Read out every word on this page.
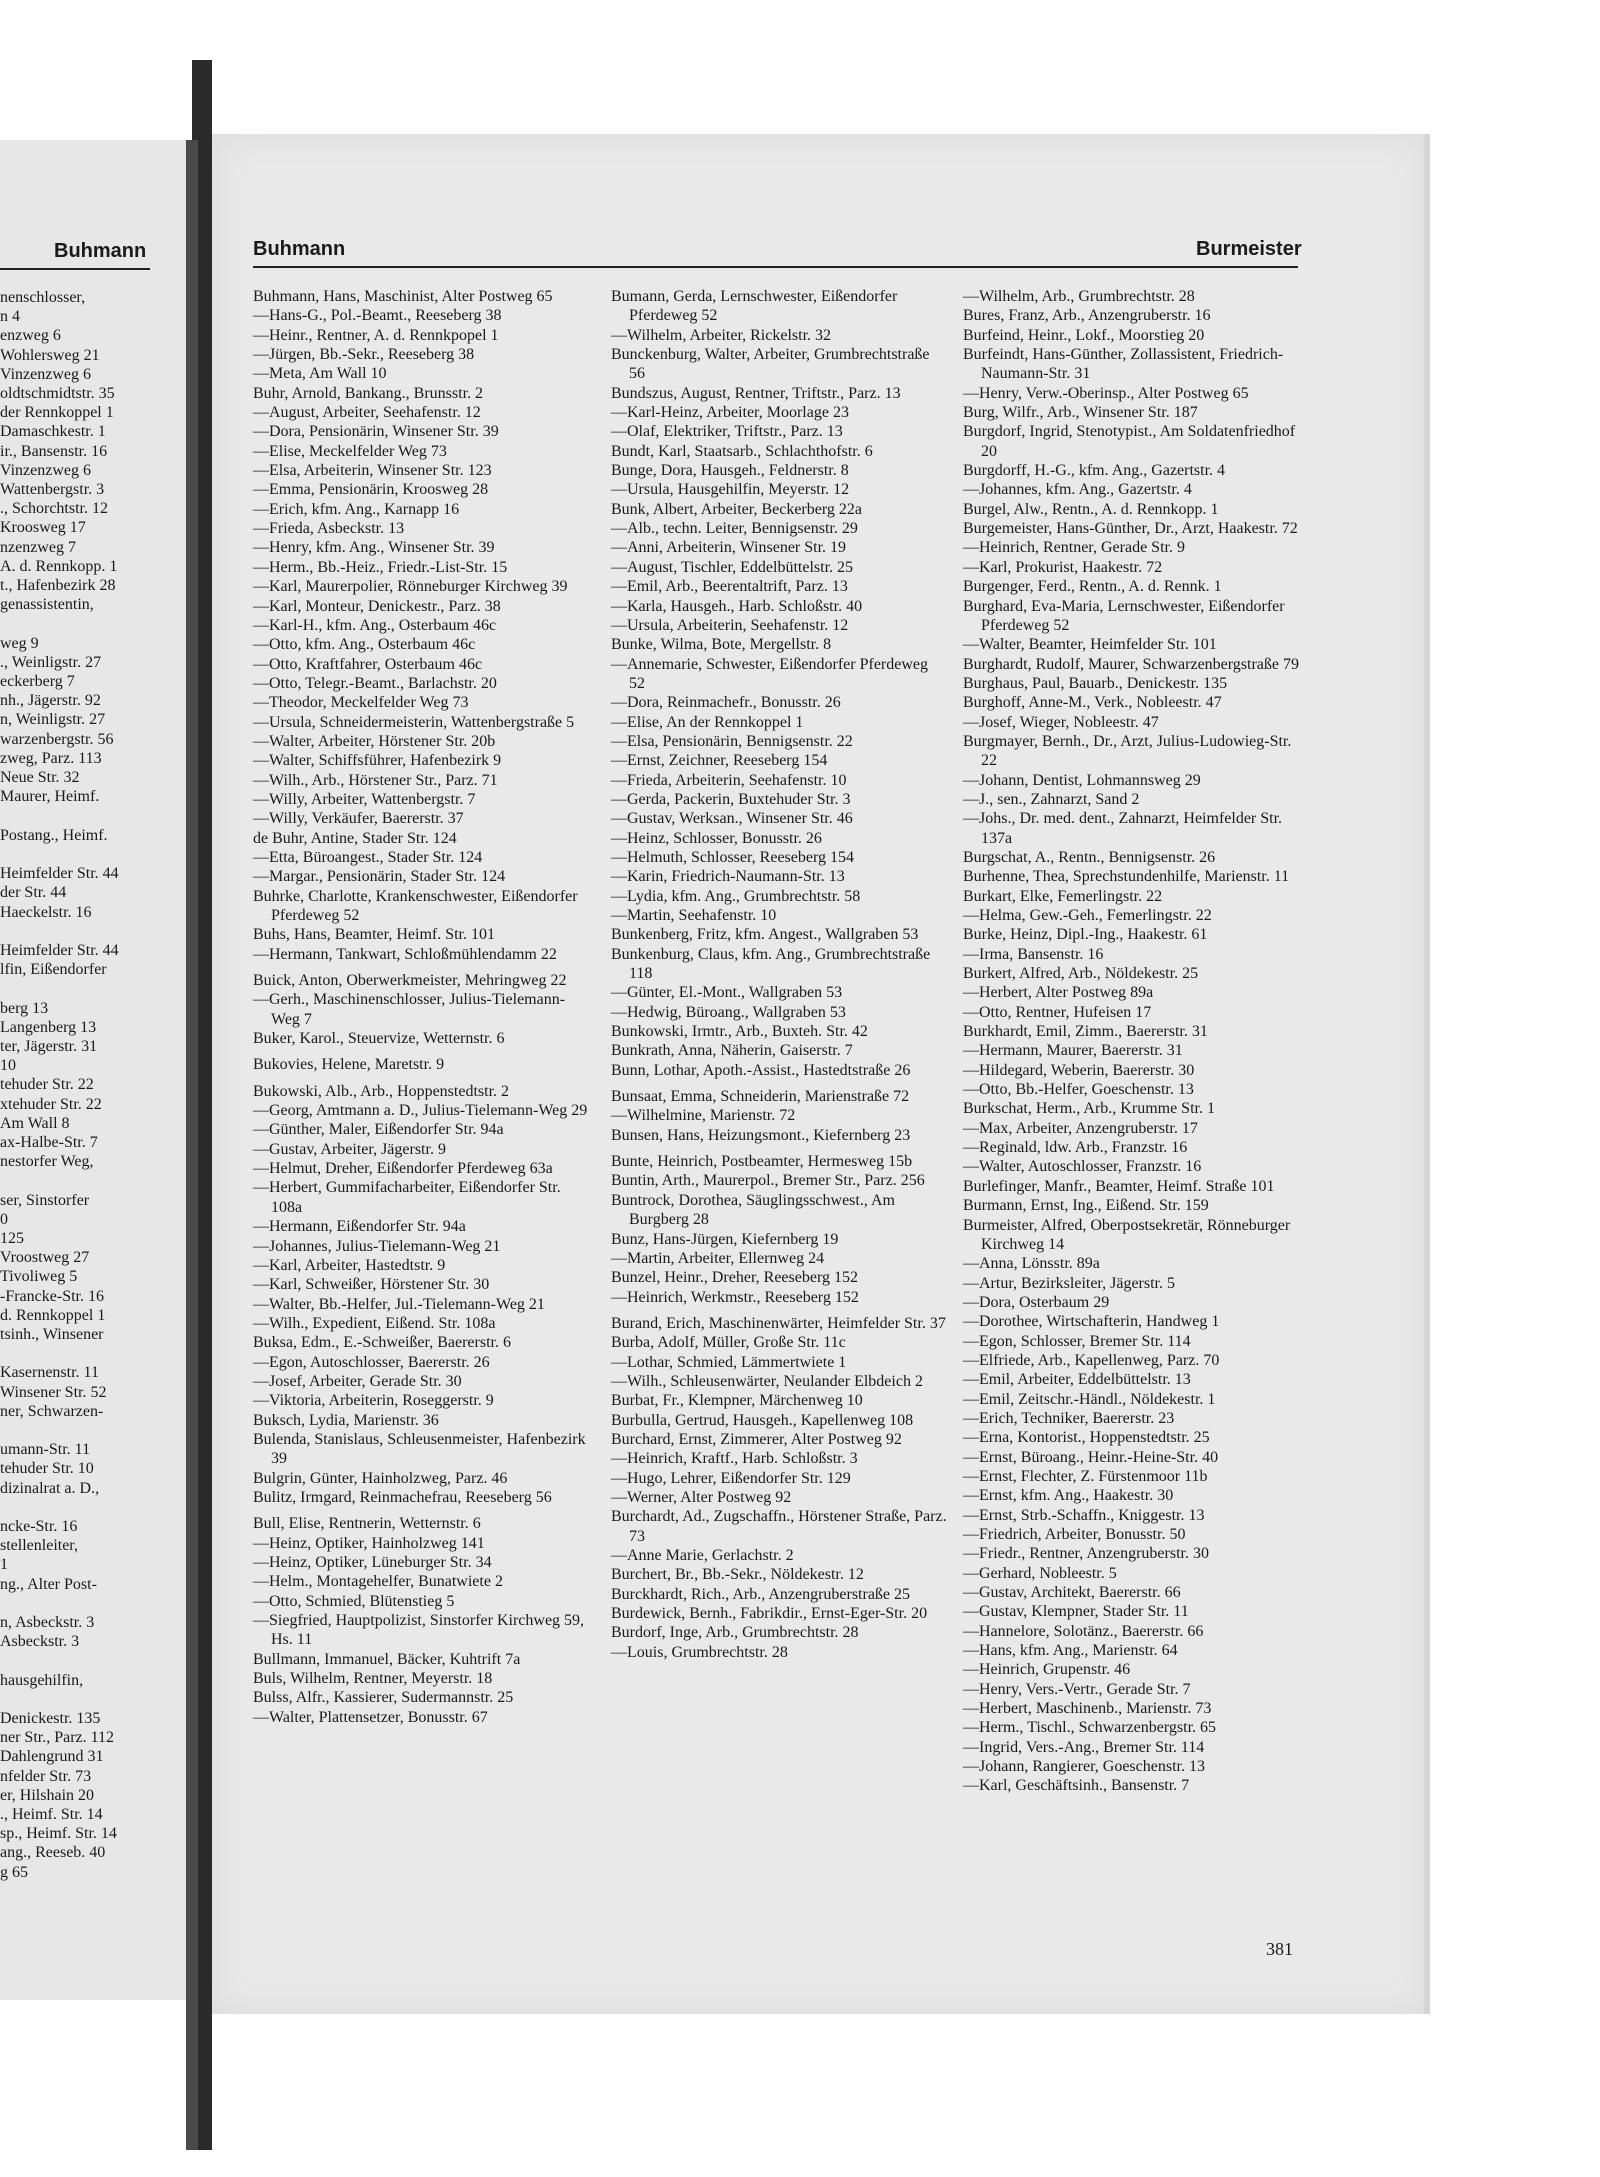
Buhmann
nenschlosser,
n 4
enzweg 6
Wohlersweg 21
Vinzenzweg 6
oldtschmidtstr. 35
der Rennkoppel 1
Damaschkestr. 1
ir., Bansenstr. 16
Vinzenzweg 6
Wattenbergstr. 3
., Schorchtstr. 12
Kroosweg 17
nzenzweg 7
A. d. Rennkopp. 1
t., Hafenbezirk 28
genassistentin,

weg 9
., Weinligstr. 27
eckerberg 7
nh., Jägerstr. 92
n, Weinligstr. 27
warzenbergstr. 56
zweg, Parz. 113
Neue Str. 32
Maurer, Heimf.

Postang., Heimf.

Heimfelder Str. 44
der Str. 44
Haeckelstr. 16

Heimfelder Str. 44
lfin, Eißendorfer

berg 13
Langenberg 13
ter, Jägerstr. 31
10
tehuder Str. 22
xtehuder Str. 22
Am Wall 8
ax-Halbe-Str. 7
nestorfer Weg,

ser, Sinstorfer
0
125
Vroostweg 27
Tivoliweg 5
-Francke-Str. 16
d. Rennkoppel 1
tsinh., Winsener

Kasernenstr. 11
Winsener Str. 52
ner, Schwarzen-

umann-Str. 11
tehuder Str. 10
dizinalrat a. D.,

ncke-Str. 16
stellenleiter,
1
ng., Alter Post-

n, Asbeckstr. 3
Asbeckstr. 3

hausgehilfin,

Denickestr. 135
ner Str., Parz. 112
Dahlengrund 31
nfelder Str. 73
er, Hilshain 20
., Heimf. Str. 14
sp., Heimf. Str. 14
ang., Reeseb. 40
g 65
Buhmann	Burmeister
Buhmann, Hans, Maschinist, Alter Postweg 65
—Hans-G., Pol.-Beamt., Reeseberg 38
—Heinr., Rentner, A. d. Rennkpopel 1
—Jürgen, Bb.-Sekr., Reeseberg 38
—Meta, Am Wall 10
Buhr, Arnold, Bankang., Brunsstr. 2
—August, Arbeiter, Seehafenstr. 12
—Dora, Pensionärin, Winsener Str. 39
—Elise, Meckelfelder Weg 73
—Elsa, Arbeiterin, Winsener Str. 123
—Emma, Pensionärin, Kroosweg 28
—Erich, kfm. Ang., Karnapp 16
—Frieda, Asbeckstr. 13
—Henry, kfm. Ang., Winsener Str. 39
—Herm., Bb.-Heiz., Friedr.-List-Str. 15
—Karl, Maurerpolier, Rönneburger Kirchweg 39
—Karl, Monteur, Denickestr., Parz. 38
—Karl-H., kfm. Ang., Osterbaum 46c
—Otto, kfm. Ang., Osterbaum 46c
—Otto, Kraftfahrer, Osterbaum 46c
—Otto, Telegr.-Beamt., Barlachstr. 20
—Theodor, Meckelfelder Weg 73
—Ursula, Schneidermeisterin, Wattenbergstraße 5
—Walter, Arbeiter, Hörstener Str. 20b
—Walter, Schiffsführer, Hafenbezirk 9
—Wilh., Arb., Hörstener Str., Parz. 71
—Willy, Arbeiter, Wattenbergstr. 7
—Willy, Verkäufer, Baererstr. 37
de Buhr, Antine, Stader Str. 124
—Etta, Büroangest., Stader Str. 124
—Margar., Pensionärin, Stader Str. 124
Buhrke, Charlotte, Krankenschwester, Eißendorfer Pferdeweg 52
Buhs, Hans, Beamter, Heimf. Str. 101
—Hermann, Tankwart, Schloßmühlendamm 22
Buick, Anton, Oberwerkmeister, Mehringweg 22
—Gerh., Maschinenschlosser, Julius-Tielemann-Weg 7
Buker, Karol., Steuervize, Wetternstr. 6
Bukovies, Helene, Maretstr. 9
Bukowski, Alb., Arb., Hoppenstedtstr. 2
—Georg, Amtmann a. D., Julius-Tielemann-Weg 29
—Günther, Maler, Eißendorfer Str. 94a
—Gustav, Arbeiter, Jägerstr. 9
—Helmut, Dreher, Eißendorfer Pferdeweg 63a
—Herbert, Gummifacharbeiter, Eißendorfer Str. 108a
—Hermann, Eißendorfer Str. 94a
—Johannes, Julius-Tielemann-Weg 21
—Karl, Arbeiter, Hastedtstr. 9
—Karl, Schweißer, Hörstener Str. 30
—Walter, Bb.-Helfer, Jul.-Tielemann-Weg 21
—Wilh., Expedient, Eißend. Str. 108a
Buksa, Edm., E.-Schweißer, Baererstr. 6
—Egon, Autoschlosser, Baererstr. 26
—Josef, Arbeiter, Gerade Str. 30
—Viktoria, Arbeiterin, Roseggerstr. 9
Buksch, Lydia, Marienstr. 36
Bulenda, Stanislaus, Schleusenmeister, Hafenbezirk 39
Bulgrin, Günter, Hainholzweg, Parz. 46
Bulitz, Irmgard, Reinmachefrau, Reeseberg 56
Bull, Elise, Rentnerin, Wetternstr. 6
—Heinz, Optiker, Hainholzweg 141
—Heinz, Optiker, Lüneburger Str. 34
—Helm., Montagehelfer, Bunatwiete 2
—Otto, Schmied, Blütenstieg 5
—Siegfried, Hauptpolizist, Sinstorfer Kirchweg 59, Hs. 11
Bullmann, Immanuel, Bäcker, Kuhtrift 7a
Buls, Wilhelm, Rentner, Meyerstr. 18
Bulss, Alfr., Kassierer, Sudermannstr. 25
—Walter, Plattensetzer, Bonusstr. 67
Bumann, Gerda, Lernschwester, Eißendorfer Pferdeweg 52
—Wilhelm, Arbeiter, Rickelstr. 32
Bunckenburg, Walter, Arbeiter, Grumbrechtstraße 56
Bundszus, August, Rentner, Triftstr., Parz. 13
—Karl-Heinz, Arbeiter, Moorlage 23
—Olaf, Elektriker, Triftstr., Parz. 13
Bundt, Karl, Staatsarb., Schlachthofstr. 6
Bunge, Dora, Hausgeh., Feldnerstr. 8
—Ursula, Hausgehilfin, Meyerstr. 12
Bunk, Albert, Arbeiter, Beckerberg 22a
—Alb., techn. Leiter, Bennigsenstr. 29
—Anni, Arbeiterin, Winsener Str. 19
—August, Tischler, Eddelbüttelstr. 25
—Emil, Arb., Beerentaltrift, Parz. 13
—Karla, Hausgeh., Harb. Schloßstr. 40
—Ursula, Arbeiterin, Seehafenstr. 12
Bunke, Wilma, Bote, Mergellstr. 8
—Annemarie, Schwester, Eißendorfer Pferdeweg 52
—Dora, Reinmachefr., Bonusstr. 26
—Elise, An der Rennkoppel 1
—Elsa, Pensionärin, Bennigsenstr. 22
—Ernst, Zeichner, Reeseberg 154
—Frieda, Arbeiterin, Seehafenstr. 10
—Gerda, Packerin, Buxtehuder Str. 3
—Gustav, Werksan., Winsener Str. 46
—Heinz, Schlosser, Bonusstr. 26
—Helmuth, Schlosser, Reeseberg 154
—Karin, Friedrich-Naumann-Str. 13
—Lydia, kfm. Ang., Grumbrechtstr. 58
—Martin, Seehafenstr. 10
Bunkenberg, Fritz, kfm. Angest., Wallgraben 53
Bunkenburg, Claus, kfm. Ang., Grumbrechtstraße 118
—Günter, El.-Mont., Wallgraben 53
—Hedwig, Büroang., Wallgraben 53
Bunkowski, Irmtr., Arb., Buxteh. Str. 42
Bunkrath, Anna, Näherin, Gaiserstr. 7
Bunn, Lothar, Apoth.-Assist., Hastedtstraße 26
Bunsaat, Emma, Schneiderin, Marienstraße 72
—Wilhelmine, Marienstr. 72
Bunsen, Hans, Heizungsmont., Kiefernberg 23
Bunte, Heinrich, Postbeamter, Hermesweg 15b
Buntin, Arth., Maurerpol., Bremer Str., Parz. 256
Buntrock, Dorothea, Säuglingsschwest., Am Burgberg 28
Bunz, Hans-Jürgen, Kiefernberg 19
—Martin, Arbeiter, Ellernweg 24
Bunzel, Heinr., Dreher, Reeseberg 152
—Heinrich, Werkmstr., Reeseberg 152
Burand, Erich, Maschinenwärter, Heimfelder Str. 37
Burba, Adolf, Müller, Große Str. 11c
—Lothar, Schmied, Lämmertwiete 1
—Wilh., Schleusenwärter, Neulander Elbdeich 2
Burbat, Fr., Klempner, Märchenweg 10
Burbulla, Gertrud, Hausgeh., Kapellenweg 108
Burchard, Ernst, Zimmerer, Alter Postweg 92
—Heinrich, Kraftf., Harb. Schloßstr. 3
—Hugo, Lehrer, Eißendorfer Str. 129
—Werner, Alter Postweg 92
Burchardt, Ad., Zugschaffn., Hörstener Straße, Parz. 73
—Anne Marie, Gerlachstr. 2
Burchert, Br., Bb.-Sekr., Nöldekestr. 12
Burckhardt, Rich., Arb., Anzengruberstraße 25
Burdewick, Bernh., Fabrikdir., Ernst-Eger-Str. 20
Burdorf, Inge, Arb., Grumbrechtstr. 28
—Louis, Grumbrechtstr. 28
—Wilhelm, Arb., Grumbrechtstr. 28
Bures, Franz, Arb., Anzengruberstr. 16
Burfeind, Heinr., Lokf., Moorstieg 20
Burfeindt, Hans-Günther, Zollassistent, Friedrich-Naumann-Str. 31
—Henry, Verw.-Oberinsp., Alter Postweg 65
Burg, Wilfr., Arb., Winsener Str. 187
Burgdorf, Ingrid, Stenotypist., Am Soldatenfriedhof 20
Burgdorff, H.-G., kfm. Ang., Gazertstr. 4
—Johannes, kfm. Ang., Gazertstr. 4
Burgel, Alw., Rentn., A. d. Rennkopp. 1
Burgemeister, Hans-Günther, Dr., Arzt, Haakestr. 72
—Heinrich, Rentner, Gerade Str. 9
—Karl, Prokurist, Haakestr. 72
Burgenger, Ferd., Rentn., A. d. Rennk. 1
Burghard, Eva-Maria, Lernschwester, Eißendorfer Pferdeweg 52
—Walter, Beamter, Heimfelder Str. 101
Burghardt, Rudolf, Maurer, Schwarzenbergstraße 79
Burghaus, Paul, Bauarb., Denickestr. 135
Burghoff, Anne-M., Verk., Nobleestr. 47
—Josef, Wieger, Nobleestr. 47
Burgmayer, Bernh., Dr., Arzt, Julius-Ludowieg-Str. 22
—Johann, Dentist, Lohmannsweg 29
—J., sen., Zahnarzt, Sand 2
—Johs., Dr. med. dent., Zahnarzt, Heimfelder Str. 137a
Burgschat, A., Rentn., Bennigsenstr. 26
Burhenne, Thea, Sprechstundenhilfe, Marienstr. 11
Burkart, Elke, Femerlingstr. 22
—Helma, Gew.-Geh., Femerlingstr. 22
Burke, Heinz, Dipl.-Ing., Haakestr. 61
—Irma, Bansenstr. 16
Burkert, Alfred, Arb., Nöldekestr. 25
—Herbert, Alter Postweg 89a
—Otto, Rentner, Hufeisen 17
Burkhardt, Emil, Zimm., Baererstr. 31
—Hermann, Maurer, Baererstr. 31
—Hildegard, Weberin, Baererstr. 30
—Otto, Bb.-Helfer, Goeschenstr. 13
Burkschat, Herm., Arb., Krumme Str. 1
—Max, Arbeiter, Anzengruberstr. 17
—Reginald, ldw. Arb., Franzstr. 16
—Walter, Autoschlosser, Franzstr. 16
Burlefinger, Manfr., Beamter, Heimf. Straße 101
Burmann, Ernst, Ing., Eißend. Str. 159
Burmeister, Alfred, Oberpostsekretär, Rönneburger Kirchweg 14
—Anna, Lönsstr. 89a
—Artur, Bezirksleiter, Jägerstr. 5
—Dora, Osterbaum 29
—Dorothee, Wirtschafterin, Handweg 1
—Egon, Schlosser, Bremer Str. 114
—Elfriede, Arb., Kapellenweg, Parz. 70
—Emil, Arbeiter, Eddelbüttelstr. 13
—Emil, Zeitschr.-Händl., Nöldekestr. 1
—Erich, Techniker, Baererstr. 23
—Erna, Kontorist., Hoppenstedtstr. 25
—Ernst, Büroang., Heinr.-Heine-Str. 40
—Ernst, Flechter, Z. Fürstenmoor 11b
—Ernst, kfm. Ang., Haakestr. 30
—Ernst, Strb.-Schaffn., Kniggestr. 13
—Friedrich, Arbeiter, Bonusstr. 50
—Friedr., Rentner, Anzengruberstr. 30
—Gerhard, Nobleestr. 5
—Gustav, Architekt, Baererstr. 66
—Gustav, Klempner, Stader Str. 11
—Hannelore, Solotänz., Baererstr. 66
—Hans, kfm. Ang., Marienstr. 64
—Heinrich, Grupenstr. 46
—Henry, Vers.-Vertr., Gerade Str. 7
—Herbert, Maschinenb., Marienstr. 73
—Herm., Tischl., Schwarzenbergstr. 65
—Ingrid, Vers.-Ang., Bremer Str. 114
—Johann, Rangierer, Goeschenstr. 13
—Karl, Geschäftsinh., Bansenstr. 7
381
